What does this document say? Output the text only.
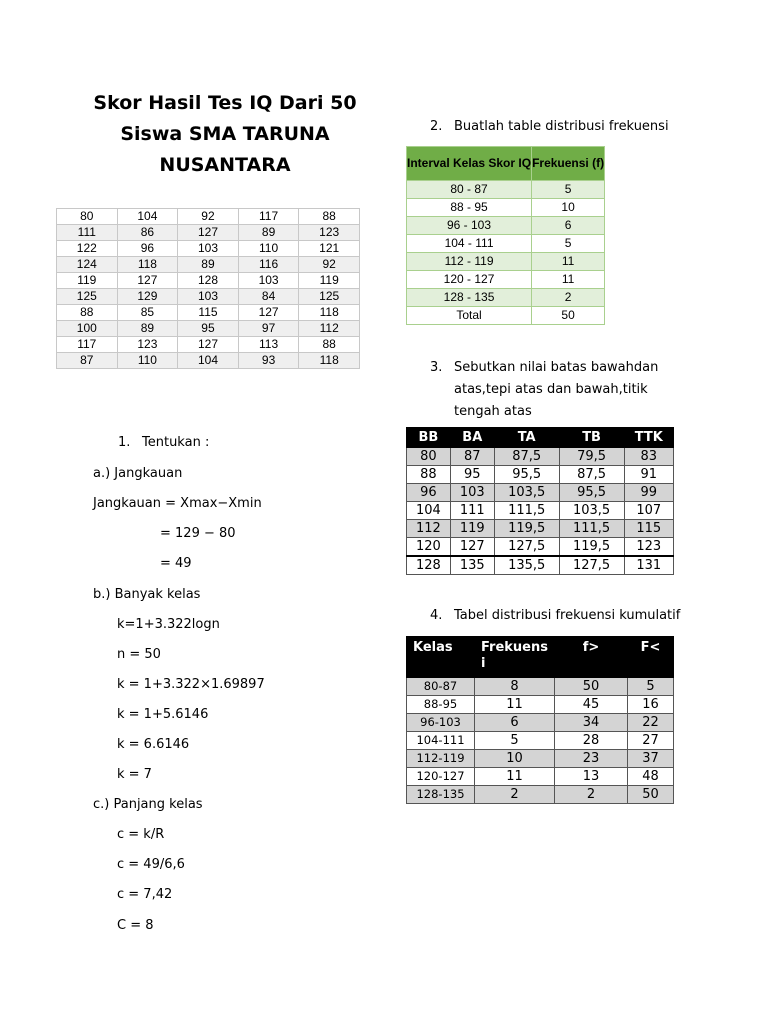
Skor Hasil Tes IQ Dari 50
Siswa SMA TARUNA
NUSANTARA
80	104	92	117	88
111	86	127	89	123
122	96	103	110	121
124	118	89	116	92
119	127	128	103	119
125	129	103	84	125
88	85	115	127	118
100	89	95	97	112
117	123	127	113	88
87	110	104	93	118
1. Tentukan :
a.) Jangkauan
Jangkauan = Xmax−Xmin
= 129 − 80
= 49
b.) Banyak kelas
k=1+3.322logn
n = 50
k = 1+3.322×1.69897
k = 1+5.6146
k = 6.6146
k = 7
c.) Panjang kelas
c = k/R
c = 49/6,6
c = 7,42
C = 8
2. Buatlah table distribusi frekuensi
Interval Kelas Skor IQ	Frekuensi (f)
80 - 87	5
88 - 95	10
96 - 103	6
104 - 111	5
112 - 119	11
120 - 127	11
128 - 135	2
Total	50
3. Sebutkan nilai batas bawahdan
atas,tepi atas dan bawah,titik
tengah atas
BB	BA	TA	TB	TTK
80	87	87,5	79,5	83
88	95	95,5	87,5	91
96	103	103,5	95,5	99
104	111	111,5	103,5	107
112	119	119,5	111,5	115
120	127	127,5	119,5	123
128	135	135,5	127,5	131
4. Tabel distribusi frekuensi kumulatif
Kelas	Frekuens i	f>	F<
80-87	8	50	5
88-95	11	45	16
96-103	6	34	22
104-111	5	28	27
112-119	10	23	37
120-127	11	13	48
128-135	2	2	50
